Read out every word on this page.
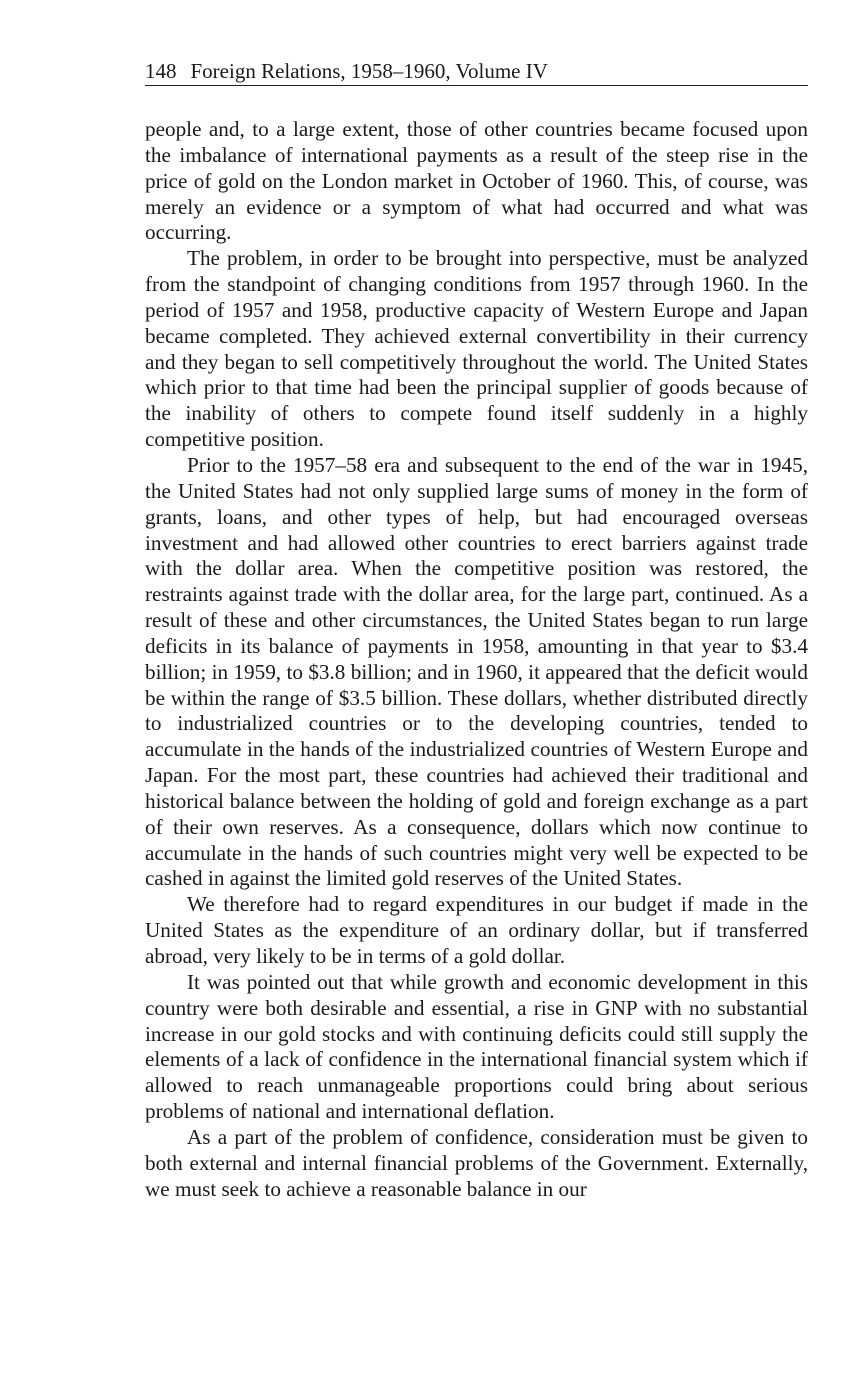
148 Foreign Relations, 1958–1960, Volume IV

people and, to a large extent, those of other countries became focused upon the imbalance of international payments as a result of the steep rise in the price of gold on the London market in October of 1960. This, of course, was merely an evidence or a symptom of what had occurred and what was occurring.

The problem, in order to be brought into perspective, must be analyzed from the standpoint of changing conditions from 1957 through 1960. In the period of 1957 and 1958, productive capacity of Western Europe and Japan became completed. They achieved external convertibility in their currency and they began to sell competitively throughout the world. The United States which prior to that time had been the principal supplier of goods because of the inability of others to compete found itself suddenly in a highly competitive position.

Prior to the 1957–58 era and subsequent to the end of the war in 1945, the United States had not only supplied large sums of money in the form of grants, loans, and other types of help, but had encouraged overseas investment and had allowed other countries to erect barriers against trade with the dollar area. When the competitive position was restored, the restraints against trade with the dollar area, for the large part, continued. As a result of these and other circumstances, the United States began to run large deficits in its balance of payments in 1958, amounting in that year to $3.4 billion; in 1959, to $3.8 billion; and in 1960, it appeared that the deficit would be within the range of $3.5 billion. These dollars, whether distributed directly to industrialized countries or to the developing countries, tended to accumulate in the hands of the industrialized countries of Western Europe and Japan. For the most part, these countries had achieved their traditional and historical balance between the holding of gold and foreign exchange as a part of their own reserves. As a consequence, dollars which now continue to accumulate in the hands of such countries might very well be expected to be cashed in against the limited gold reserves of the United States.

We therefore had to regard expenditures in our budget if made in the United States as the expenditure of an ordinary dollar, but if transferred abroad, very likely to be in terms of a gold dollar.

It was pointed out that while growth and economic development in this country were both desirable and essential, a rise in GNP with no substantial increase in our gold stocks and with continuing deficits could still supply the elements of a lack of confidence in the international financial system which if allowed to reach unmanageable proportions could bring about serious problems of national and international deflation.

As a part of the problem of confidence, consideration must be given to both external and internal financial problems of the Government. Externally, we must seek to achieve a reasonable balance in our
